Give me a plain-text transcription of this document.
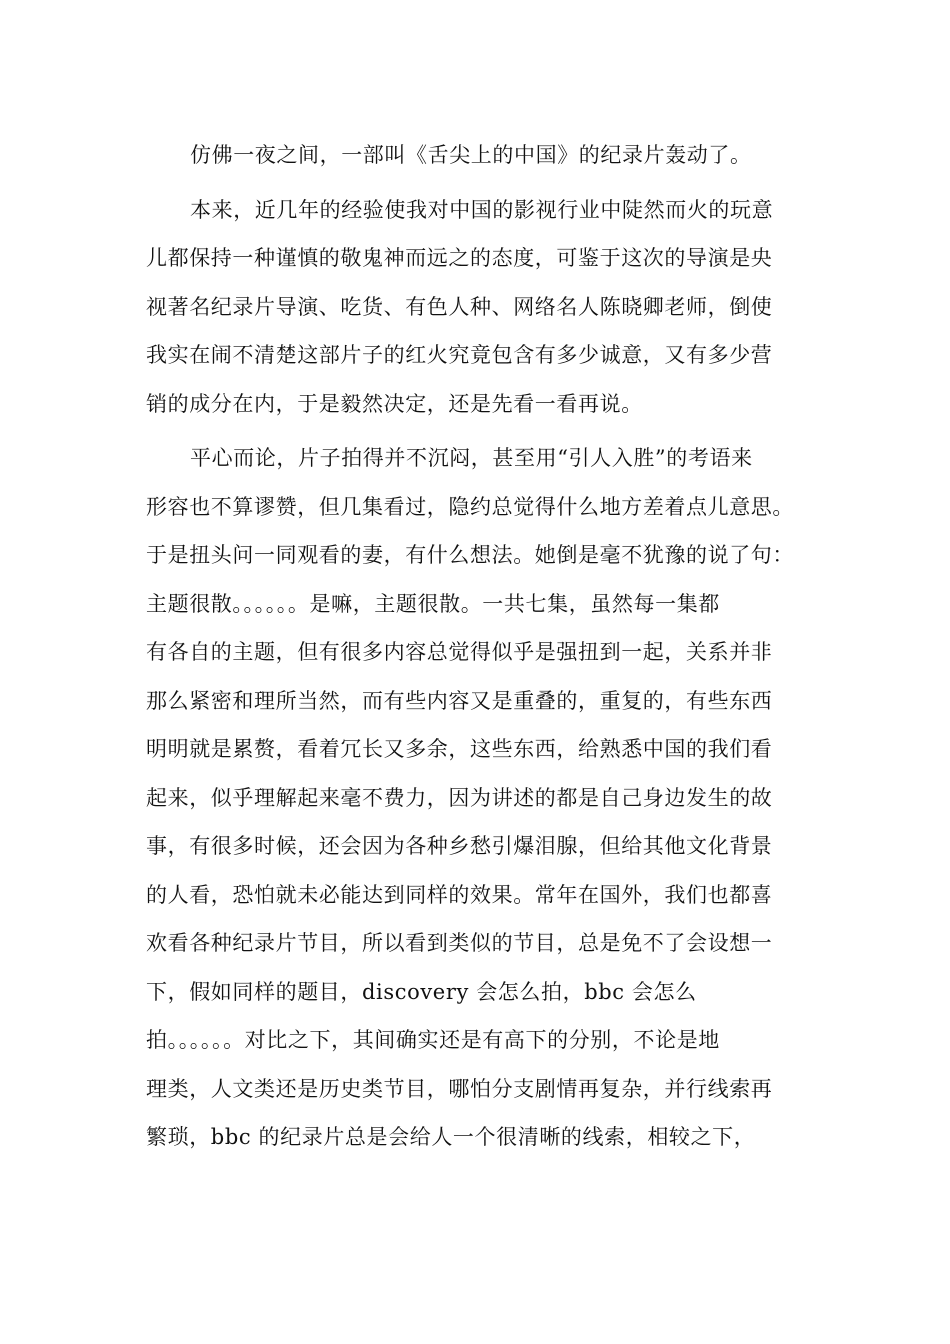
仿佛一夜之间，一部叫《舌尖上的中国》的纪录片轰动了。
本来，近几年的经验使我对中国的影视行业中陡然而火的玩意
儿都保持一种谨慎的敬鬼神而远之的态度，可鉴于这次的导演是央
视著名纪录片导演、吃货、有色人种、网络名人陈晓卿老师，倒使
我实在闹不清楚这部片子的红火究竟包含有多少诚意，又有多少营
销的成分在内，于是毅然决定，还是先看一看再说。
平心而论，片子拍得并不沉闷，甚至用“引人入胜”的考语来
形容也不算谬赞，但几集看过，隐约总觉得什么地方差着点儿意思。
于是扭头问一同观看的妻，有什么想法。她倒是毫不犹豫的说了句：
主题很散。。。。。。是嘛，主题很散。一共七集，虽然每一集都
有各自的主题，但有很多内容总觉得似乎是强扭到一起，关系并非
那么紧密和理所当然，而有些内容又是重叠的，重复的，有些东西
明明就是累赘，看着冗长又多余，这些东西，给熟悉中国的我们看
起来，似乎理解起来毫不费力，因为讲述的都是自己身边发生的故
事，有很多时候，还会因为各种乡愁引爆泪腺，但给其他文化背景
的人看，恐怕就未必能达到同样的效果。常年在国外，我们也都喜
欢看各种纪录片节目，所以看到类似的节目，总是免不了会设想一
下，假如同样的题目，discovery 会怎么拍，bbc 会怎么
拍。。。。。。对比之下，其间确实还是有高下的分别，不论是地
理类，人文类还是历史类节目，哪怕分支剧情再复杂，并行线索再
繁琐，bbc 的纪录片总是会给人一个很清晰的线索，相较之下，
